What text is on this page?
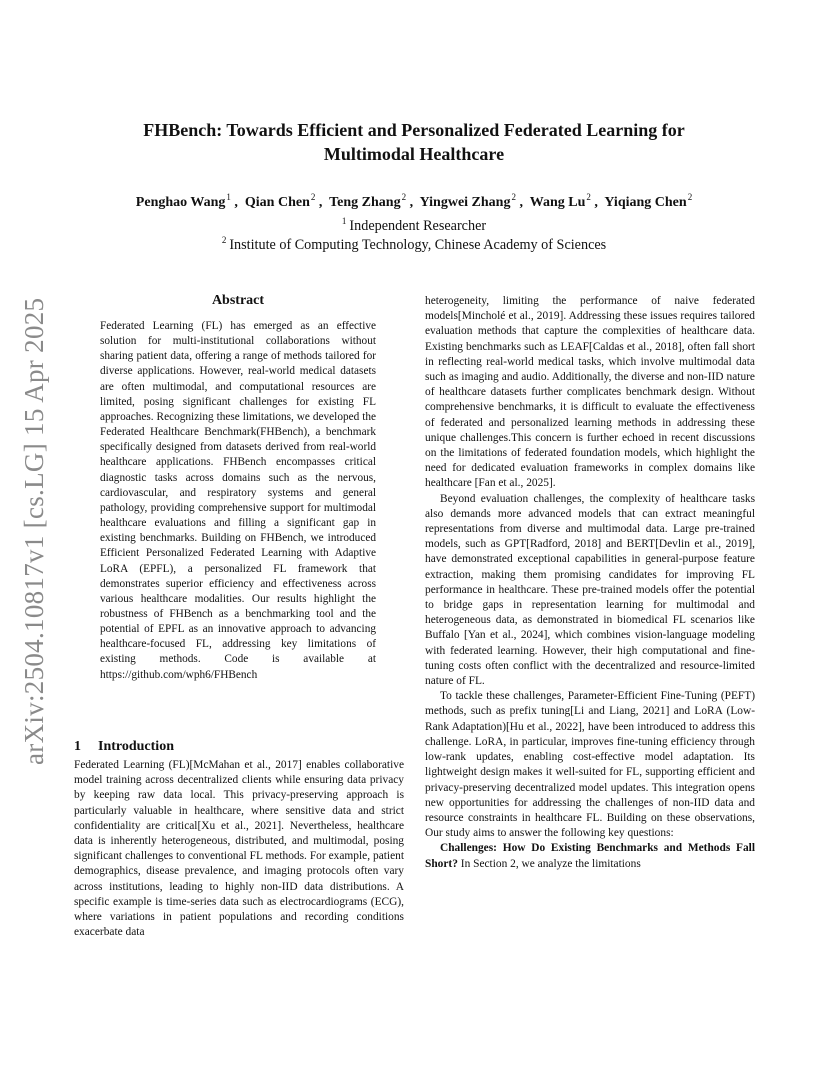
arXiv:2504.10817v1 [cs.LG] 15 Apr 2025
FHBench: Towards Efficient and Personalized Federated Learning for
Multimodal Healthcare
Penghao Wang$^1$ ,  Qian Chen$^2$ ,  Teng Zhang$^2$ ,  Yingwei Zhang$^2$ ,  Wang Lu$^2$ ,  Yiqiang Chen$^2$
$^1$ Independent Researcher
$^2$ Institute of Computing Technology, Chinese Academy of Sciences
Abstract

Federated Learning (FL) has emerged as an effective solution for multi-institutional collaborations without sharing patient data, offering a range of methods tailored for diverse applications. However, real-world medical datasets are often multimodal, and computational resources are limited, posing significant challenges for existing FL approaches. Recognizing these limitations, we developed the Federated Healthcare Benchmark(FHBench), a benchmark specifically designed from datasets derived from real-world healthcare applications. FHBench encompasses critical diagnostic tasks across domains such as the nervous, cardiovascular, and respiratory systems and general pathology, providing comprehensive support for multimodal healthcare evaluations and filling a significant gap in existing benchmarks. Building on FHBench, we introduced Efficient Personalized Federated Learning with Adaptive LoRA (EPFL), a personalized FL framework that demonstrates superior efficiency and effectiveness across various healthcare modalities. Our results highlight the robustness of FHBench as a benchmarking tool and the potential of EPFL as an innovative approach to advancing healthcare-focused FL, addressing key limitations of existing methods. Code is available at https://github.com/wph6/FHBench

1 Introduction

Federated Learning (FL)[McMahan et al., 2017] enables collaborative model training across decentralized clients while ensuring data privacy by keeping raw data local. This privacy-preserving approach is particularly valuable in healthcare, where sensitive data and strict confidentiality are critical[Xu et al., 2021]. Nevertheless, healthcare data is inherently heterogeneous, distributed, and multimodal, posing significant challenges to conventional FL methods. For example, patient demographics, disease prevalence, and imaging protocols often vary across institutions, leading to highly non-IID data distributions. A specific example is time-series data such as electrocardiograms (ECG), where variations in patient populations and recording conditions exacerbate data

heterogeneity, limiting the performance of naive federated models[Mincholé et al., 2019]. Addressing these issues requires tailored evaluation methods that capture the complexities of healthcare data. Existing benchmarks such as LEAF[Caldas et al., 2018], often fall short in reflecting real-world medical tasks, which involve multimodal data such as imaging and audio. Additionally, the diverse and non-IID nature of healthcare datasets further complicates benchmark design. Without comprehensive benchmarks, it is difficult to evaluate the effectiveness of federated and personalized learning methods in addressing these unique challenges.This concern is further echoed in recent discussions on the limitations of federated foundation models, which highlight the need for dedicated evaluation frameworks in complex domains like healthcare [Fan et al., 2025].

Beyond evaluation challenges, the complexity of healthcare tasks also demands more advanced models that can extract meaningful representations from diverse and multimodal data. Large pre-trained models, such as GPT[Radford, 2018] and BERT[Devlin et al., 2019], have demonstrated exceptional capabilities in general-purpose feature extraction, making them promising candidates for improving FL performance in healthcare. These pre-trained models offer the potential to bridge gaps in representation learning for multimodal and heterogeneous data, as demonstrated in biomedical FL scenarios like Buffalo [Yan et al., 2024], which combines vision-language modeling with federated learning. However, their high computational and fine-tuning costs often conflict with the decentralized and resource-limited nature of FL.

To tackle these challenges, Parameter-Efficient Fine-Tuning (PEFT) methods, such as prefix tuning[Li and Liang, 2021] and LoRA (Low-Rank Adaptation)[Hu et al., 2022], have been introduced to address this challenge. LoRA, in particular, improves fine-tuning efficiency through low-rank updates, enabling cost-effective model adaptation. Its lightweight design makes it well-suited for FL, supporting efficient and privacy-preserving decentralized model updates. This integration opens new opportunities for addressing the challenges of non-IID data and resource constraints in healthcare FL. Building on these observations, Our study aims to answer the following key questions:

Challenges: How Do Existing Benchmarks and Methods Fall Short? In Section 2, we analyze the limitations
